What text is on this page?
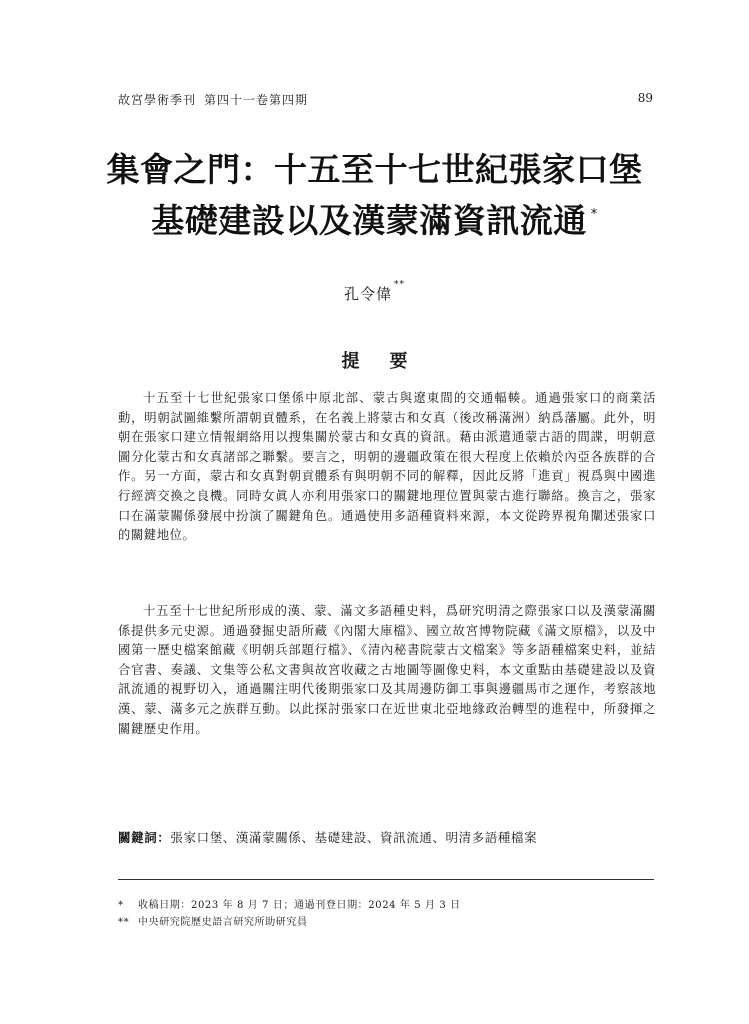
故宮學術季刊 第四十一卷第四期	89
集會之門：十五至十七世紀張家口堡
基礎建設以及漢蒙滿資訊流通 *
孔令偉 **
提要
十五至十七世紀張家口堡係中原北部、蒙古與遼東間的交通輻輳。通過張家口的商業活動，明朝試圖維繫所謂朝貢體系，在名義上將蒙古和女真（後改稱滿洲）納爲藩屬。此外，明朝在張家口建立情報網絡用以搜集關於蒙古和女真的資訊。藉由派遣通蒙古語的間諜，明朝意圖分化蒙古和女真諸部之聯繫。要言之，明朝的邊疆政策在很大程度上依賴於內亞各族群的合作。另一方面，蒙古和女真對朝貢體系有與明朝不同的解釋，因此反將「進貢」視爲與中國進行經濟交換之良機。同時女眞人亦利用張家口的關鍵地理位置與蒙古進行聯絡。換言之，張家口在滿蒙關係發展中扮演了關鍵角色。通過使用多語種資料來源，本文從跨界視角闡述張家口的關鍵地位。
十五至十七世紀所形成的漢、蒙、滿文多語種史料，爲研究明清之際張家口以及漢蒙滿關係提供多元史源。通過發掘史語所藏《內閣大庫檔》、國立故宮博物院藏《滿文原檔》，以及中國第一歷史檔案館藏《明朝兵部題行檔》、《清內秘書院蒙古文檔案》等多語種檔案史料，並結合官書、奏議、文集等公私文書與故宮收藏之古地圖等圖像史料，本文重點由基礎建設以及資訊流通的視野切入，通過關注明代後期張家口及其周邊防御工事與邊疆馬市之運作，考察該地漢、蒙、滿多元之族群互動。以此探討張家口在近世東北亞地緣政治轉型的進程中，所發揮之關鍵歷史作用。
關鍵詞：張家口堡、漢滿蒙關係、基礎建設、資訊流通、明清多語種檔案
* 收稿日期：2023 年 8 月 7 日；通過刊登日期：2024 年 5 月 3 日
** 中央研究院歷史語言研究所助研究員
